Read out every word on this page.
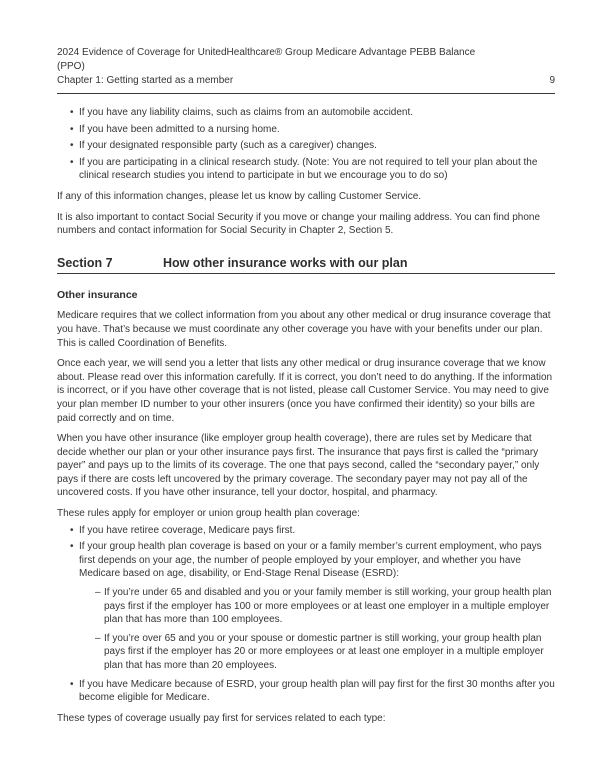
2024 Evidence of Coverage for UnitedHealthcare® Group Medicare Advantage PEBB Balance
(PPO)
Chapter 1: Getting started as a member	9
• If you have any liability claims, such as claims from an automobile accident.
• If you have been admitted to a nursing home.
• If your designated responsible party (such as a caregiver) changes.
• If you are participating in a clinical research study. (Note: You are not required to tell your plan about the clinical research studies you intend to participate in but we encourage you to do so)
If any of this information changes, please let us know by calling Customer Service.
It is also important to contact Social Security if you move or change your mailing address. You can find phone numbers and contact information for Social Security in Chapter 2, Section 5.
Section 7	How other insurance works with our plan
Other insurance
Medicare requires that we collect information from you about any other medical or drug insurance coverage that you have. That’s because we must coordinate any other coverage you have with your benefits under our plan. This is called Coordination of Benefits.
Once each year, we will send you a letter that lists any other medical or drug insurance coverage that we know about. Please read over this information carefully. If it is correct, you don’t need to do anything. If the information is incorrect, or if you have other coverage that is not listed, please call Customer Service. You may need to give your plan member ID number to your other insurers (once you have confirmed their identity) so your bills are paid correctly and on time.
When you have other insurance (like employer group health coverage), there are rules set by Medicare that decide whether our plan or your other insurance pays first. The insurance that pays first is called the “primary payer” and pays up to the limits of its coverage. The one that pays second, called the “secondary payer,” only pays if there are costs left uncovered by the primary coverage. The secondary payer may not pay all of the uncovered costs. If you have other insurance, tell your doctor, hospital, and pharmacy.
These rules apply for employer or union group health plan coverage:
• If you have retiree coverage, Medicare pays first.
• If your group health plan coverage is based on your or a family member’s current employment, who pays first depends on your age, the number of people employed by your employer, and whether you have Medicare based on age, disability, or End-Stage Renal Disease (ESRD):
– If you’re under 65 and disabled and you or your family member is still working, your group health plan pays first if the employer has 100 or more employees or at least one employer in a multiple employer plan that has more than 100 employees.
– If you’re over 65 and you or your spouse or domestic partner is still working, your group health plan pays first if the employer has 20 or more employees or at least one employer in a multiple employer plan that has more than 20 employees.
• If you have Medicare because of ESRD, your group health plan will pay first for the first 30 months after you become eligible for Medicare.
These types of coverage usually pay first for services related to each type:
